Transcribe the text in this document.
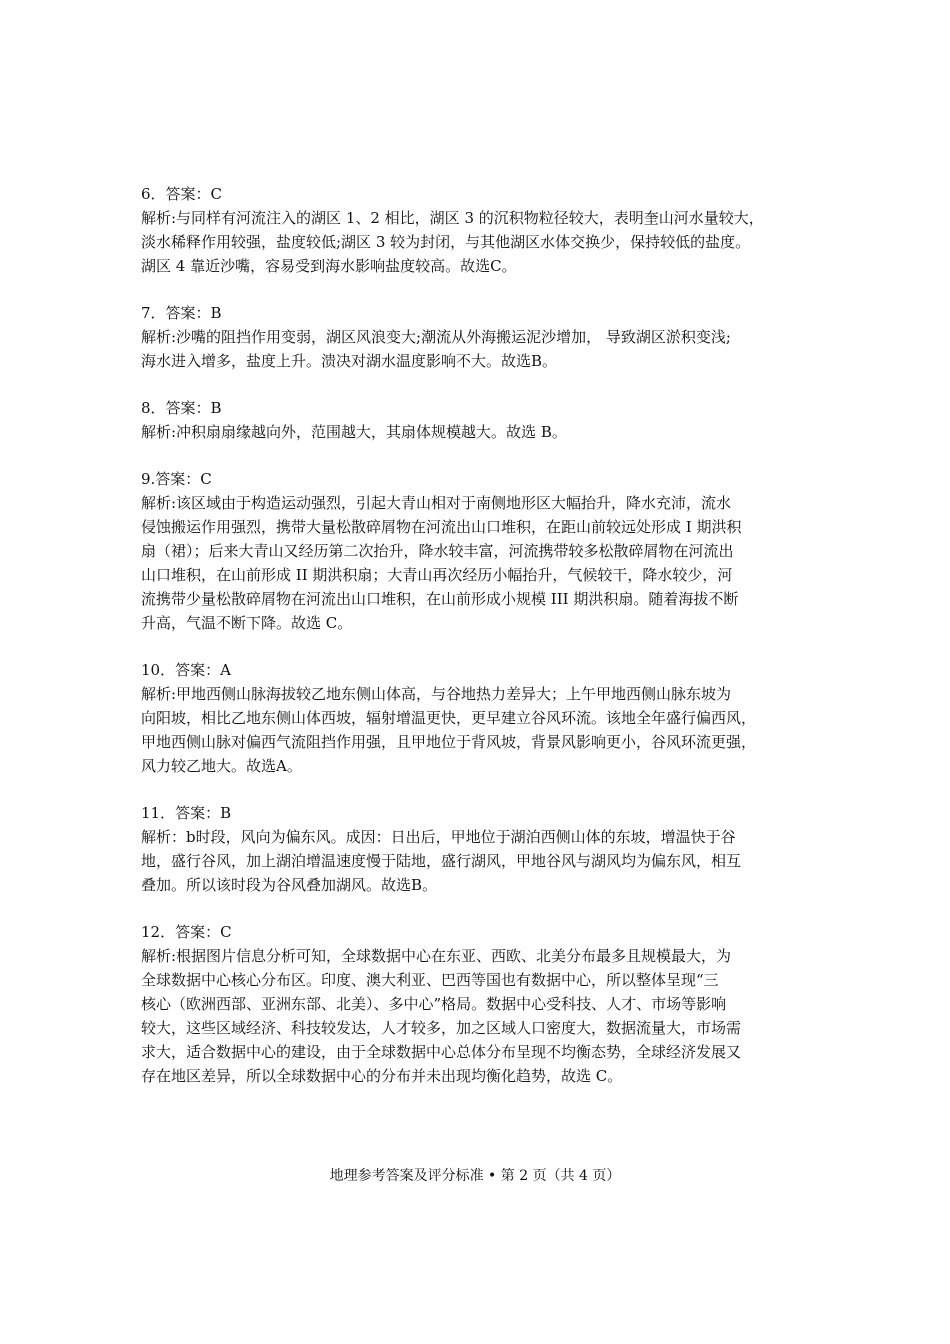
6．答案：C
解析:与同样有河流注入的湖区 1、2 相比，湖区 3 的沉积物粒径较大，表明奎山河水量较大，
淡水稀释作用较强，盐度较低;湖区 3 较为封闭，与其他湖区水体交换少，保持较低的盐度。
湖区 4 靠近沙嘴，容易受到海水影响盐度较高。故选C。
7．答案：B
解析:沙嘴的阻挡作用变弱，湖区风浪变大;潮流从外海搬运泥沙增加， 导致湖区淤积变浅;
海水进入增多，盐度上升。溃决对湖水温度影响不大。故选B。
8．答案：B
解析:冲积扇扇缘越向外，范围越大，其扇体规模越大。故选 B。
9.答案：C
解析:该区域由于构造运动强烈，引起大青山相对于南侧地形区大幅抬升，降水充沛，流水
侵蚀搬运作用强烈，携带大量松散碎屑物在河流出山口堆积，在距山前较远处形成 I 期洪积
扇（裙）；后来大青山又经历第二次抬升，降水较丰富，河流携带较多松散碎屑物在河流出
山口堆积，在山前形成 II 期洪积扇；大青山再次经历小幅抬升，气候较干，降水较少，河
流携带少量松散碎屑物在河流出山口堆积，在山前形成小规模 III 期洪积扇。随着海拔不断
升高，气温不断下降。故选 C。
10．答案：A
解析:甲地西侧山脉海拔较乙地东侧山体高，与谷地热力差异大；上午甲地西侧山脉东坡为
向阳坡，相比乙地东侧山体西坡，辐射增温更快，更早建立谷风环流。该地全年盛行偏西风，
甲地西侧山脉对偏西气流阻挡作用强，且甲地位于背风坡，背景风影响更小，谷风环流更强，
风力较乙地大。故选A。
11．答案：B
解析：b时段，风向为偏东风。成因：日出后，甲地位于湖泊西侧山体的东坡，增温快于谷
地，盛行谷风，加上湖泊增温速度慢于陆地，盛行湖风，甲地谷风与湖风均为偏东风，相互
叠加。所以该时段为谷风叠加湖风。故选B。
12．答案：C
解析:根据图片信息分析可知，全球数据中心在东亚、西欧、北美分布最多且规模最大，为
全球数据中心核心分布区。印度、澳大利亚、巴西等国也有数据中心，所以整体呈现“三
核心（欧洲西部、亚洲东部、北美）、多中心”格局。数据中心受科技、人才、市场等影响
较大，这些区域经济、科技较发达，人才较多，加之区域人口密度大，数据流量大，市场需
求大，适合数据中心的建设，由于全球数据中心总体分布呈现不均衡态势，全球经济发展又
存在地区差异，所以全球数据中心的分布并未出现均衡化趋势，故选 C。
地理参考答案及评分标准 • 第 2 页（共 4 页）
